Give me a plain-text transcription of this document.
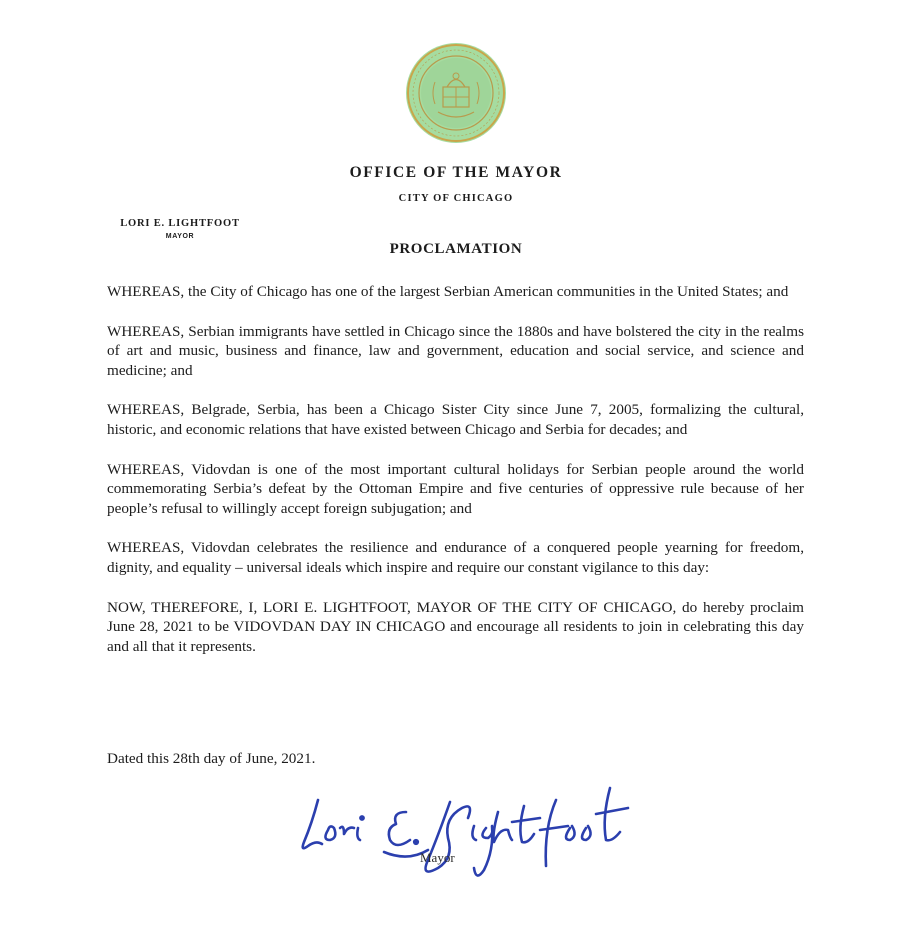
OFFICE OF THE MAYOR
CITY OF CHICAGO
LORI E. LIGHTFOOT
MAYOR
PROCLAMATION

WHEREAS, the City of Chicago has one of the largest Serbian American communities in the United States; and

WHEREAS, Serbian immigrants have settled in Chicago since the 1880s and have bolstered the city in the realms of art and music, business and finance, law and government, education and social service, and science and medicine; and

WHEREAS, Belgrade, Serbia, has been a Chicago Sister City since June 7, 2005, formalizing the cultural, historic, and economic relations that have existed between Chicago and Serbia for decades; and

WHEREAS, Vidovdan is one of the most important cultural holidays for Serbian people around the world commemorating Serbia’s defeat by the Ottoman Empire and five centuries of oppressive rule because of her people’s refusal to willingly accept foreign subjugation; and

WHEREAS, Vidovdan celebrates the resilience and endurance of a conquered people yearning for freedom, dignity, and equality – universal ideals which inspire and require our constant vigilance to this day:

NOW, THEREFORE, I, LORI E. LIGHTFOOT, MAYOR OF THE CITY OF CHICAGO, do hereby proclaim June 28, 2021 to be VIDOVDAN DAY IN CHICAGO and encourage all residents to join in celebrating this day and all that it represents.

Dated this 28th day of June, 2021.
Mayor
